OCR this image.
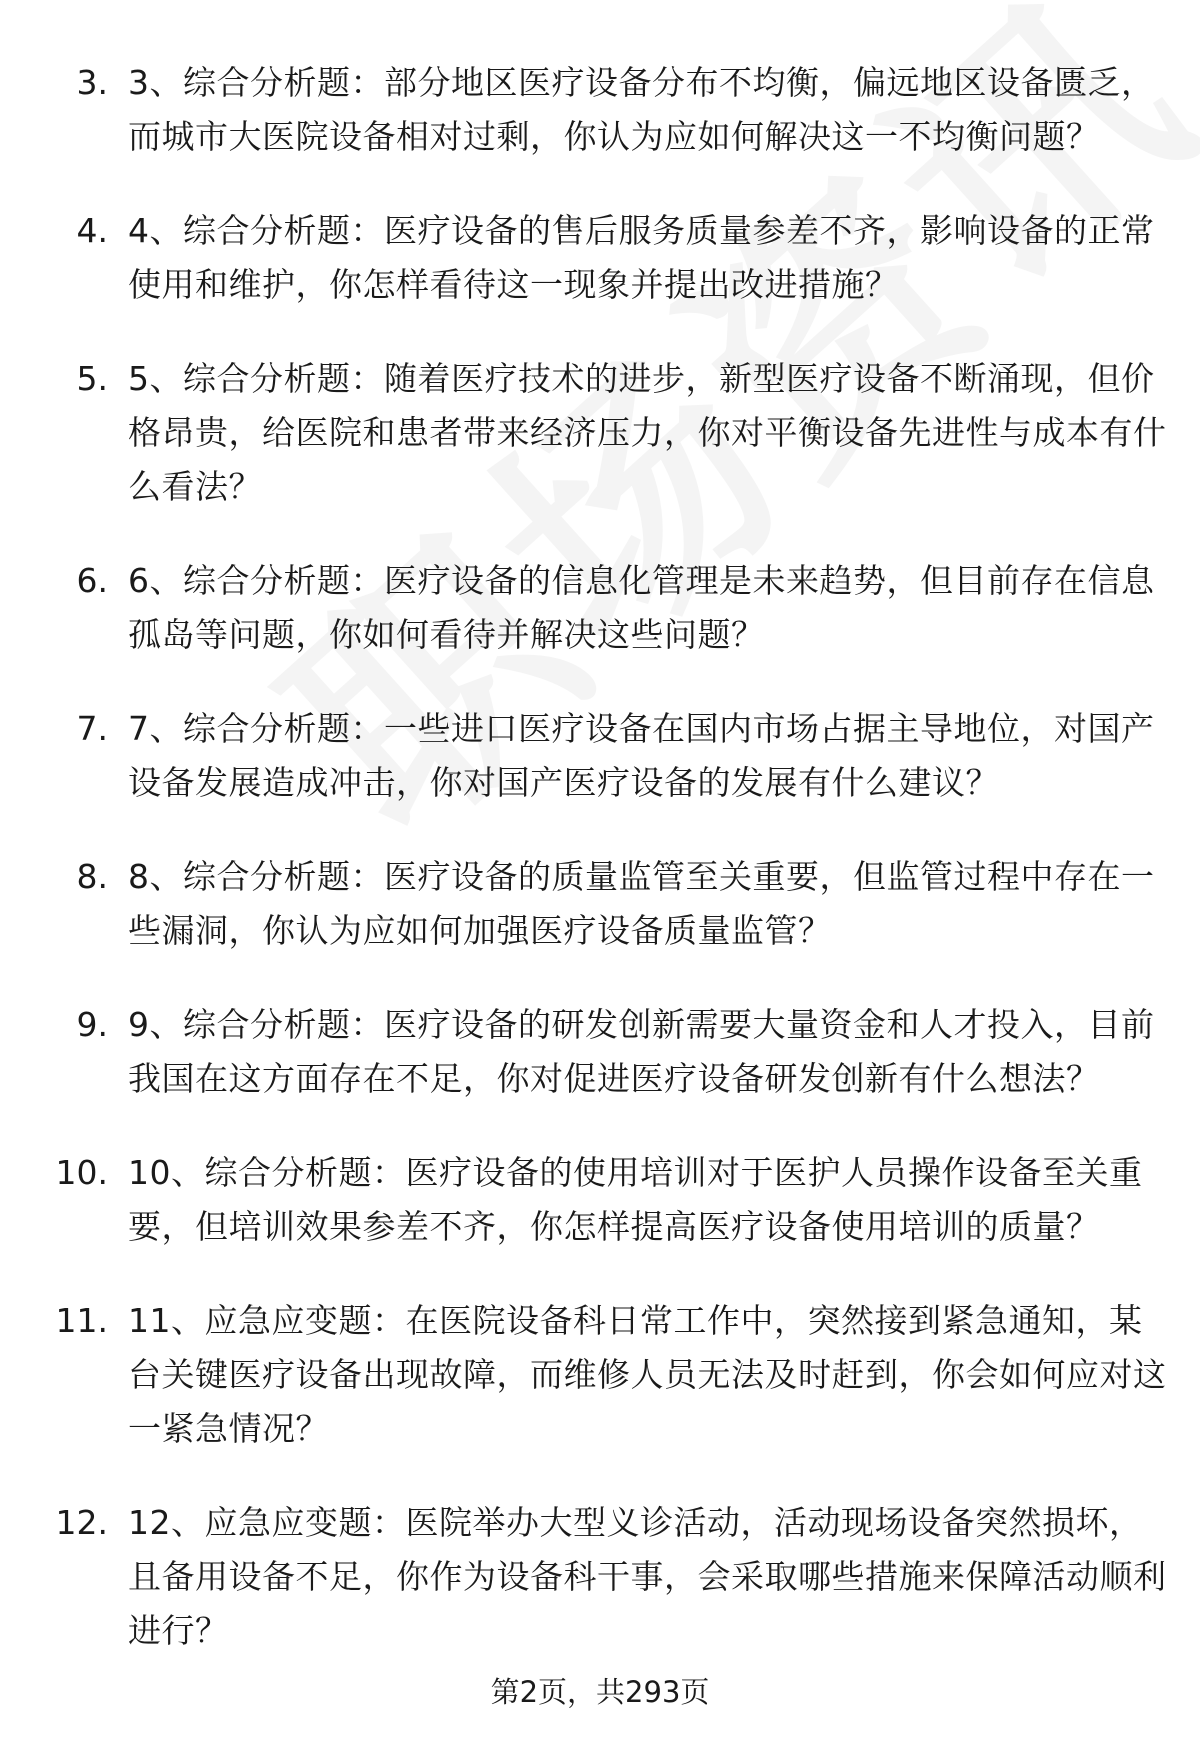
3. 3、综合分析题：部分地区医疗设备分布不均衡，偏远地区设备匮乏，而城市大医院设备相对过剩，你认为应如何解决这一不均衡问题？
4. 4、综合分析题：医疗设备的售后服务质量参差不齐，影响设备的正常使用和维护，你怎样看待这一现象并提出改进措施？
5. 5、综合分析题：随着医疗技术的进步，新型医疗设备不断涌现，但价格昂贵，给医院和患者带来经济压力，你对平衡设备先进性与成本有什么看法？
6. 6、综合分析题：医疗设备的信息化管理是未来趋势，但目前存在信息孤岛等问题，你如何看待并解决这些问题？
7. 7、综合分析题：一些进口医疗设备在国内市场占据主导地位，对国产设备发展造成冲击，你对国产医疗设备的发展有什么建议？
8. 8、综合分析题：医疗设备的质量监管至关重要，但监管过程中存在一些漏洞，你认为应如何加强医疗设备质量监管？
9. 9、综合分析题：医疗设备的研发创新需要大量资金和人才投入，目前我国在这方面存在不足，你对促进医疗设备研发创新有什么想法？
10. 10、综合分析题：医疗设备的使用培训对于医护人员操作设备至关重要，但培训效果参差不齐，你怎样提高医疗设备使用培训的质量？
11. 11、应急应变题：在医院设备科日常工作中，突然接到紧急通知，某台关键医疗设备出现故障，而维修人员无法及时赶到，你会如何应对这一紧急情况？
12. 12、应急应变题：医院举办大型义诊活动，活动现场设备突然损坏，且备用设备不足，你作为设备科干事，会采取哪些措施来保障活动顺利进行？
第2页，共293页
